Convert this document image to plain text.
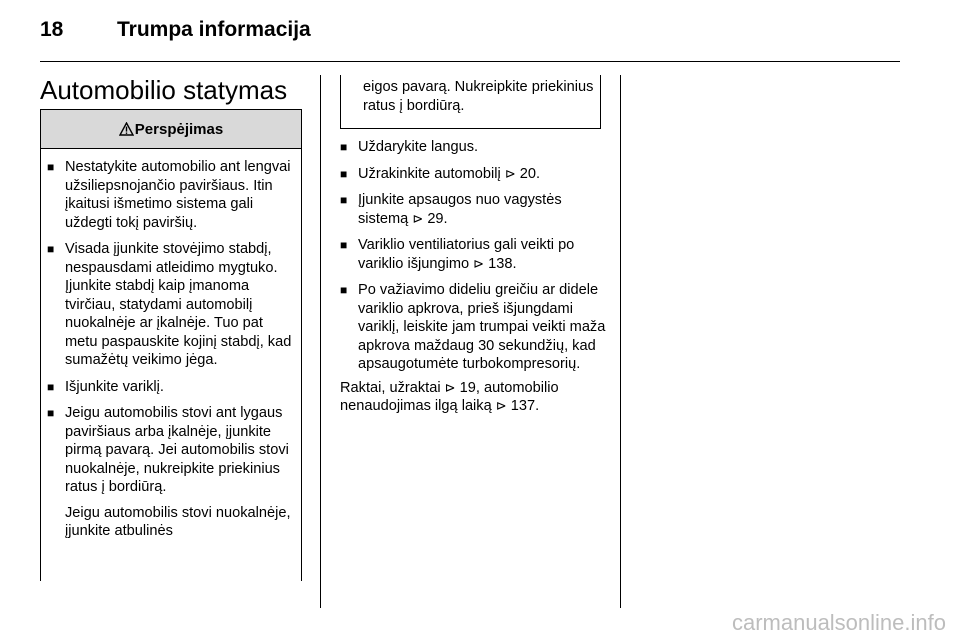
18	Trumpa informacija
Automobilio statymas
Perspėjimas
■ Nestatykite automobilio ant lengvai užsiliepsnojančio paviršiaus. Itin įkaitusi išmetimo sistema gali uždegti tokį paviršių.
■ Visada įjunkite stovėjimo stabdį, nespausdami atleidimo mygtuko. Įjunkite stabdį kaip įmanoma tvirčiau, statydami automobilį nuokalnėje ar įkalnėje. Tuo pat metu paspauskite kojinį stabdį, kad sumažėtų veikimo jėga.
■ Išjunkite variklį.
■ Jeigu automobilis stovi ant lygaus paviršiaus arba įkalnėje, įjunkite pirmą pavarą. Jei automobilis stovi nuokalnėje, nukreipkite priekinius ratus į bordiūrą.

Jeigu automobilis stovi nuokalnėje, įjunkite atbulinės

eigos pavarą. Nukreipkite priekinius ratus į bordiūrą.

■ Uždarykite langus.
■ Užrakinkite automobilį ⊳ 20.
■ Įjunkite apsaugos nuo vagystės sistemą ⊳ 29.
■ Variklio ventiliatorius gali veikti po variklio išjungimo ⊳ 138.
■ Po važiavimo dideliu greičiu ar didele variklio apkrova, prieš išjungdami variklį, leiskite jam trumpai veikti maža apkrova maždaug 30 sekundžių, kad apsaugotumėte turbokompresorių.

Raktai, užraktai ⊳ 19, automobilio nenaudojimas ilgą laiką ⊳ 137.

carmanualsonline.info
